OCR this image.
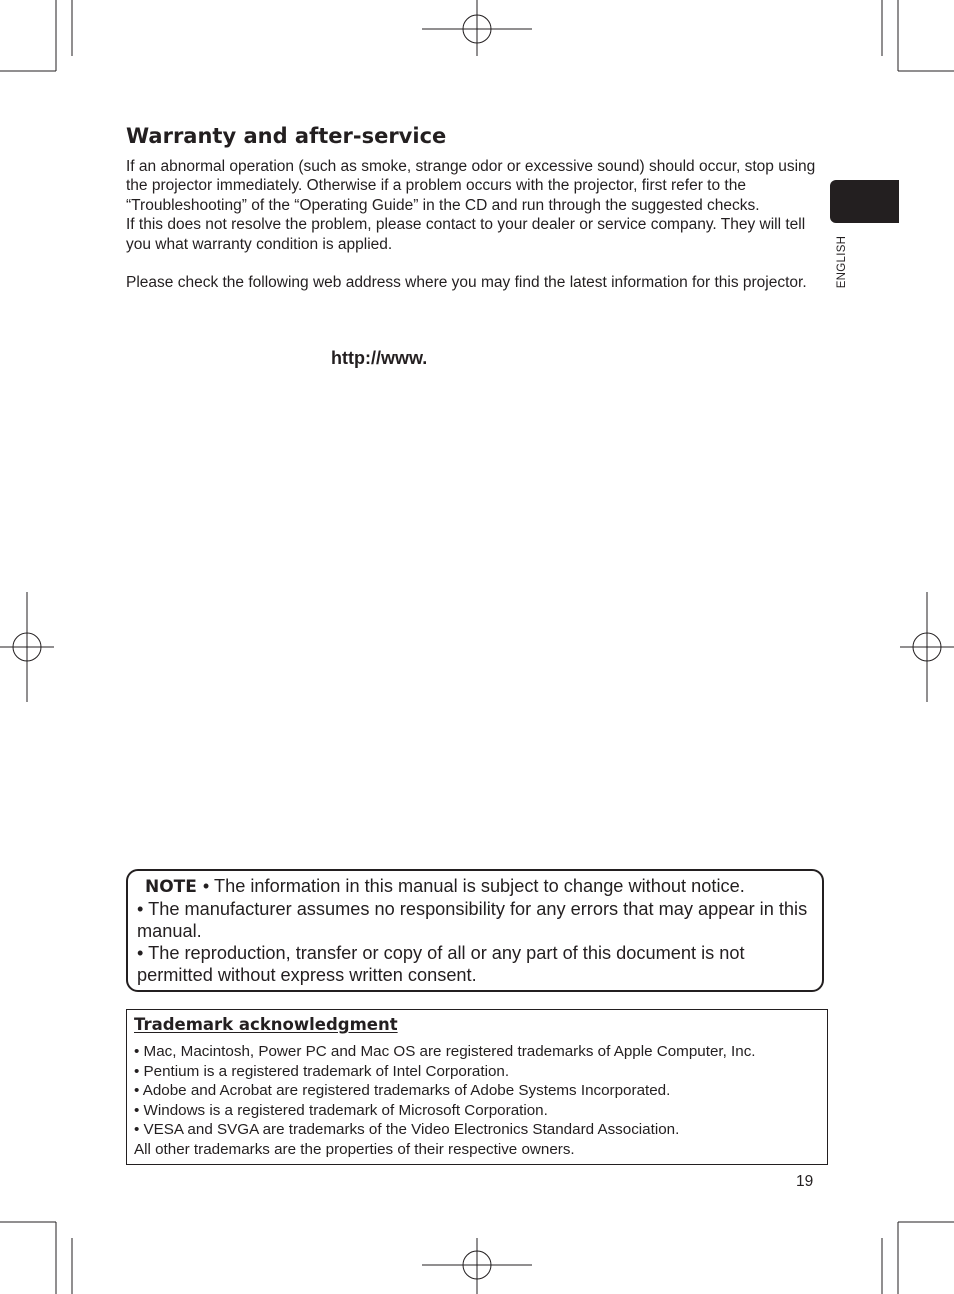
Warranty and after-service

If an abnormal operation (such as smoke, strange odor or excessive sound) should occur, stop using the projector immediately. Otherwise if a problem occurs with the projector, first refer to the “Troubleshooting” of the “Operating Guide” in the CD and run through the suggested checks.

If this does not resolve the problem, please contact to your dealer or service company. They will tell you what warranty condition is applied.

Please check the following web address where you may find the latest information for this projector.

http://www.
ENGLISH

NOTE • The information in this manual is subject to change without notice.

• The manufacturer assumes no responsibility for any errors that may appear in this manual.

• The reproduction, transfer or copy of all or any part of this document is not permitted without express written consent.

Trademark acknowledgment
• Mac, Macintosh, Power PC and Mac OS are registered trademarks of Apple Computer, Inc.
• Pentium is a registered trademark of Intel Corporation.
• Adobe and Acrobat are registered trademarks of Adobe Systems Incorporated.
• Windows is a registered trademark of Microsoft Corporation.
• VESA and SVGA are trademarks of the Video Electronics Standard Association.

All other trademarks are the properties of their respective owners.

19
